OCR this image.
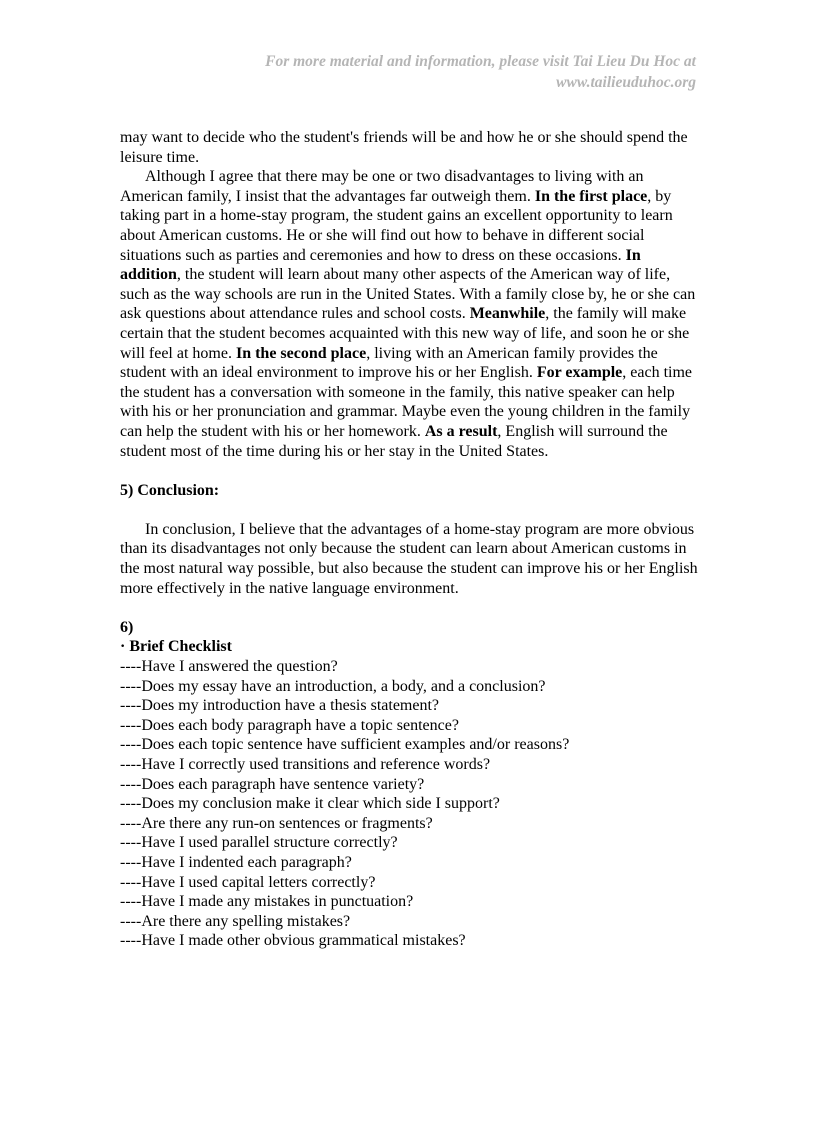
For more material and information, please visit Tai Lieu Du Hoc at
www.tailieuduhoc.org

may want to decide who the student's friends will be and how he or she should spend the leisure time.

Although I agree that there may be one or two disadvantages to living with an American family, I insist that the advantages far outweigh them. In the first place, by taking part in a home-stay program, the student gains an excellent opportunity to learn about American customs. He or she will find out how to behave in different social situations such as parties and ceremonies and how to dress on these occasions. In addition, the student will learn about many other aspects of the American way of life, such as the way schools are run in the United States. With a family close by, he or she can ask questions about attendance rules and school costs. Meanwhile, the family will make certain that the student becomes acquainted with this new way of life, and soon he or she will feel at home. In the second place, living with an American family provides the student with an ideal environment to improve his or her English. For example, each time the student has a conversation with someone in the family, this native speaker can help with his or her pronunciation and grammar. Maybe even the young children in the family can help the student with his or her homework. As a result, English will surround the student most of the time during his or her stay in the United States.

5) Conclusion:

In conclusion, I believe that the advantages of a home-stay program are more obvious than its disadvantages not only because the student can learn about American customs in the most natural way possible, but also because the student can improve his or her English more effectively in the native language environment.

6)

· Brief Checklist

----Have I answered the question?
----Does my essay have an introduction, a body, and a conclusion?
----Does my introduction have a thesis statement?
----Does each body paragraph have a topic sentence?
----Does each topic sentence have sufficient examples and/or reasons?
----Have I correctly used transitions and reference words?
----Does each paragraph have sentence variety?
----Does my conclusion make it clear which side I support?
----Are there any run-on sentences or fragments?
----Have I used parallel structure correctly?
----Have I indented each paragraph?
----Have I used capital letters correctly?
----Have I made any mistakes in punctuation?
----Are there any spelling mistakes?
----Have I made other obvious grammatical mistakes?
